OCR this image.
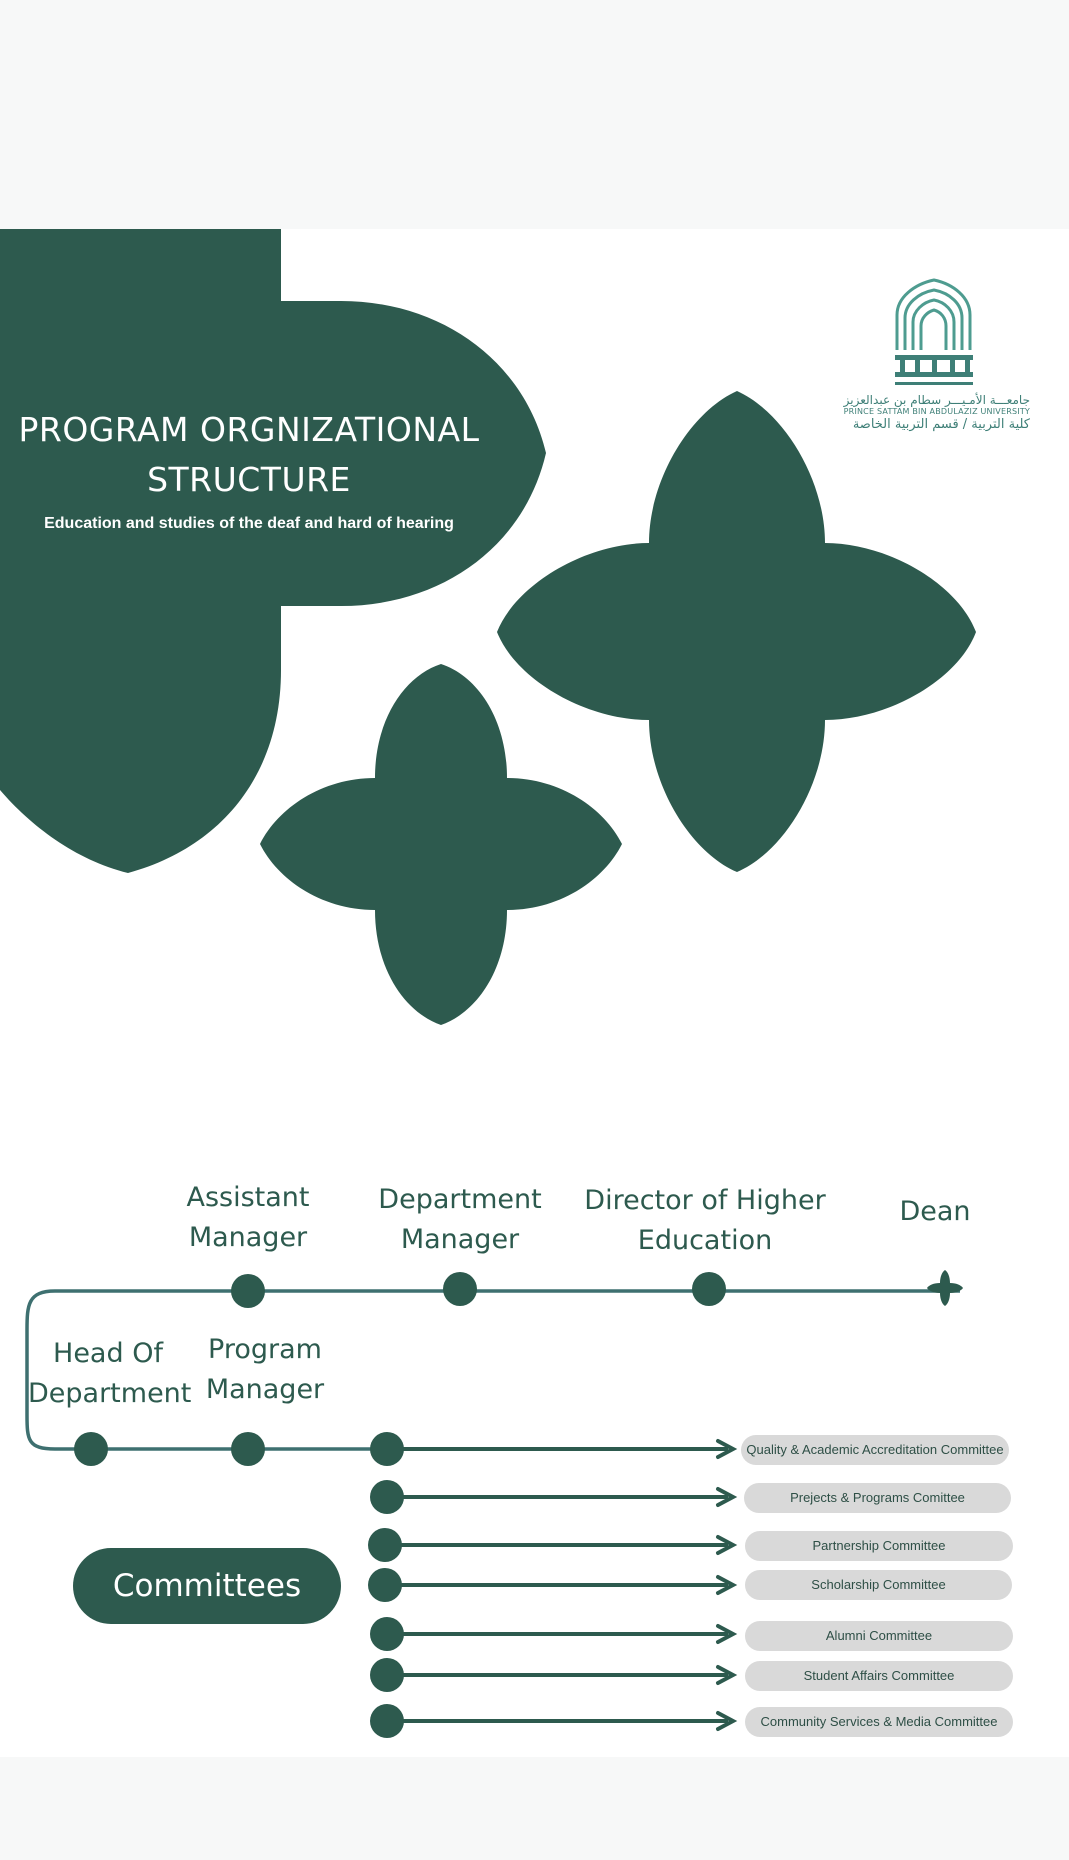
PROGRAM ORGNIZATIONAL
STRUCTURE
Education and studies of the deaf and hard of hearing
جامعـــة الأمـيـــر سطام بن عبدالعزيز
PRINCE SATTAM BIN ABDULAZIZ UNIVERSITY
كلية التربية / قسم التربية الخاصة
Dean
Director of Higher
Education
Department
Manager
Assistant
Manager
Program
Manager
Head Of
Department
Committees
Quality & Academic Accreditation Committee
Prejects & Programs Comittee
Partnership Committee
Scholarship Committee
Alumni Committee
Student Affairs Committee
Community Services & Media Committee
